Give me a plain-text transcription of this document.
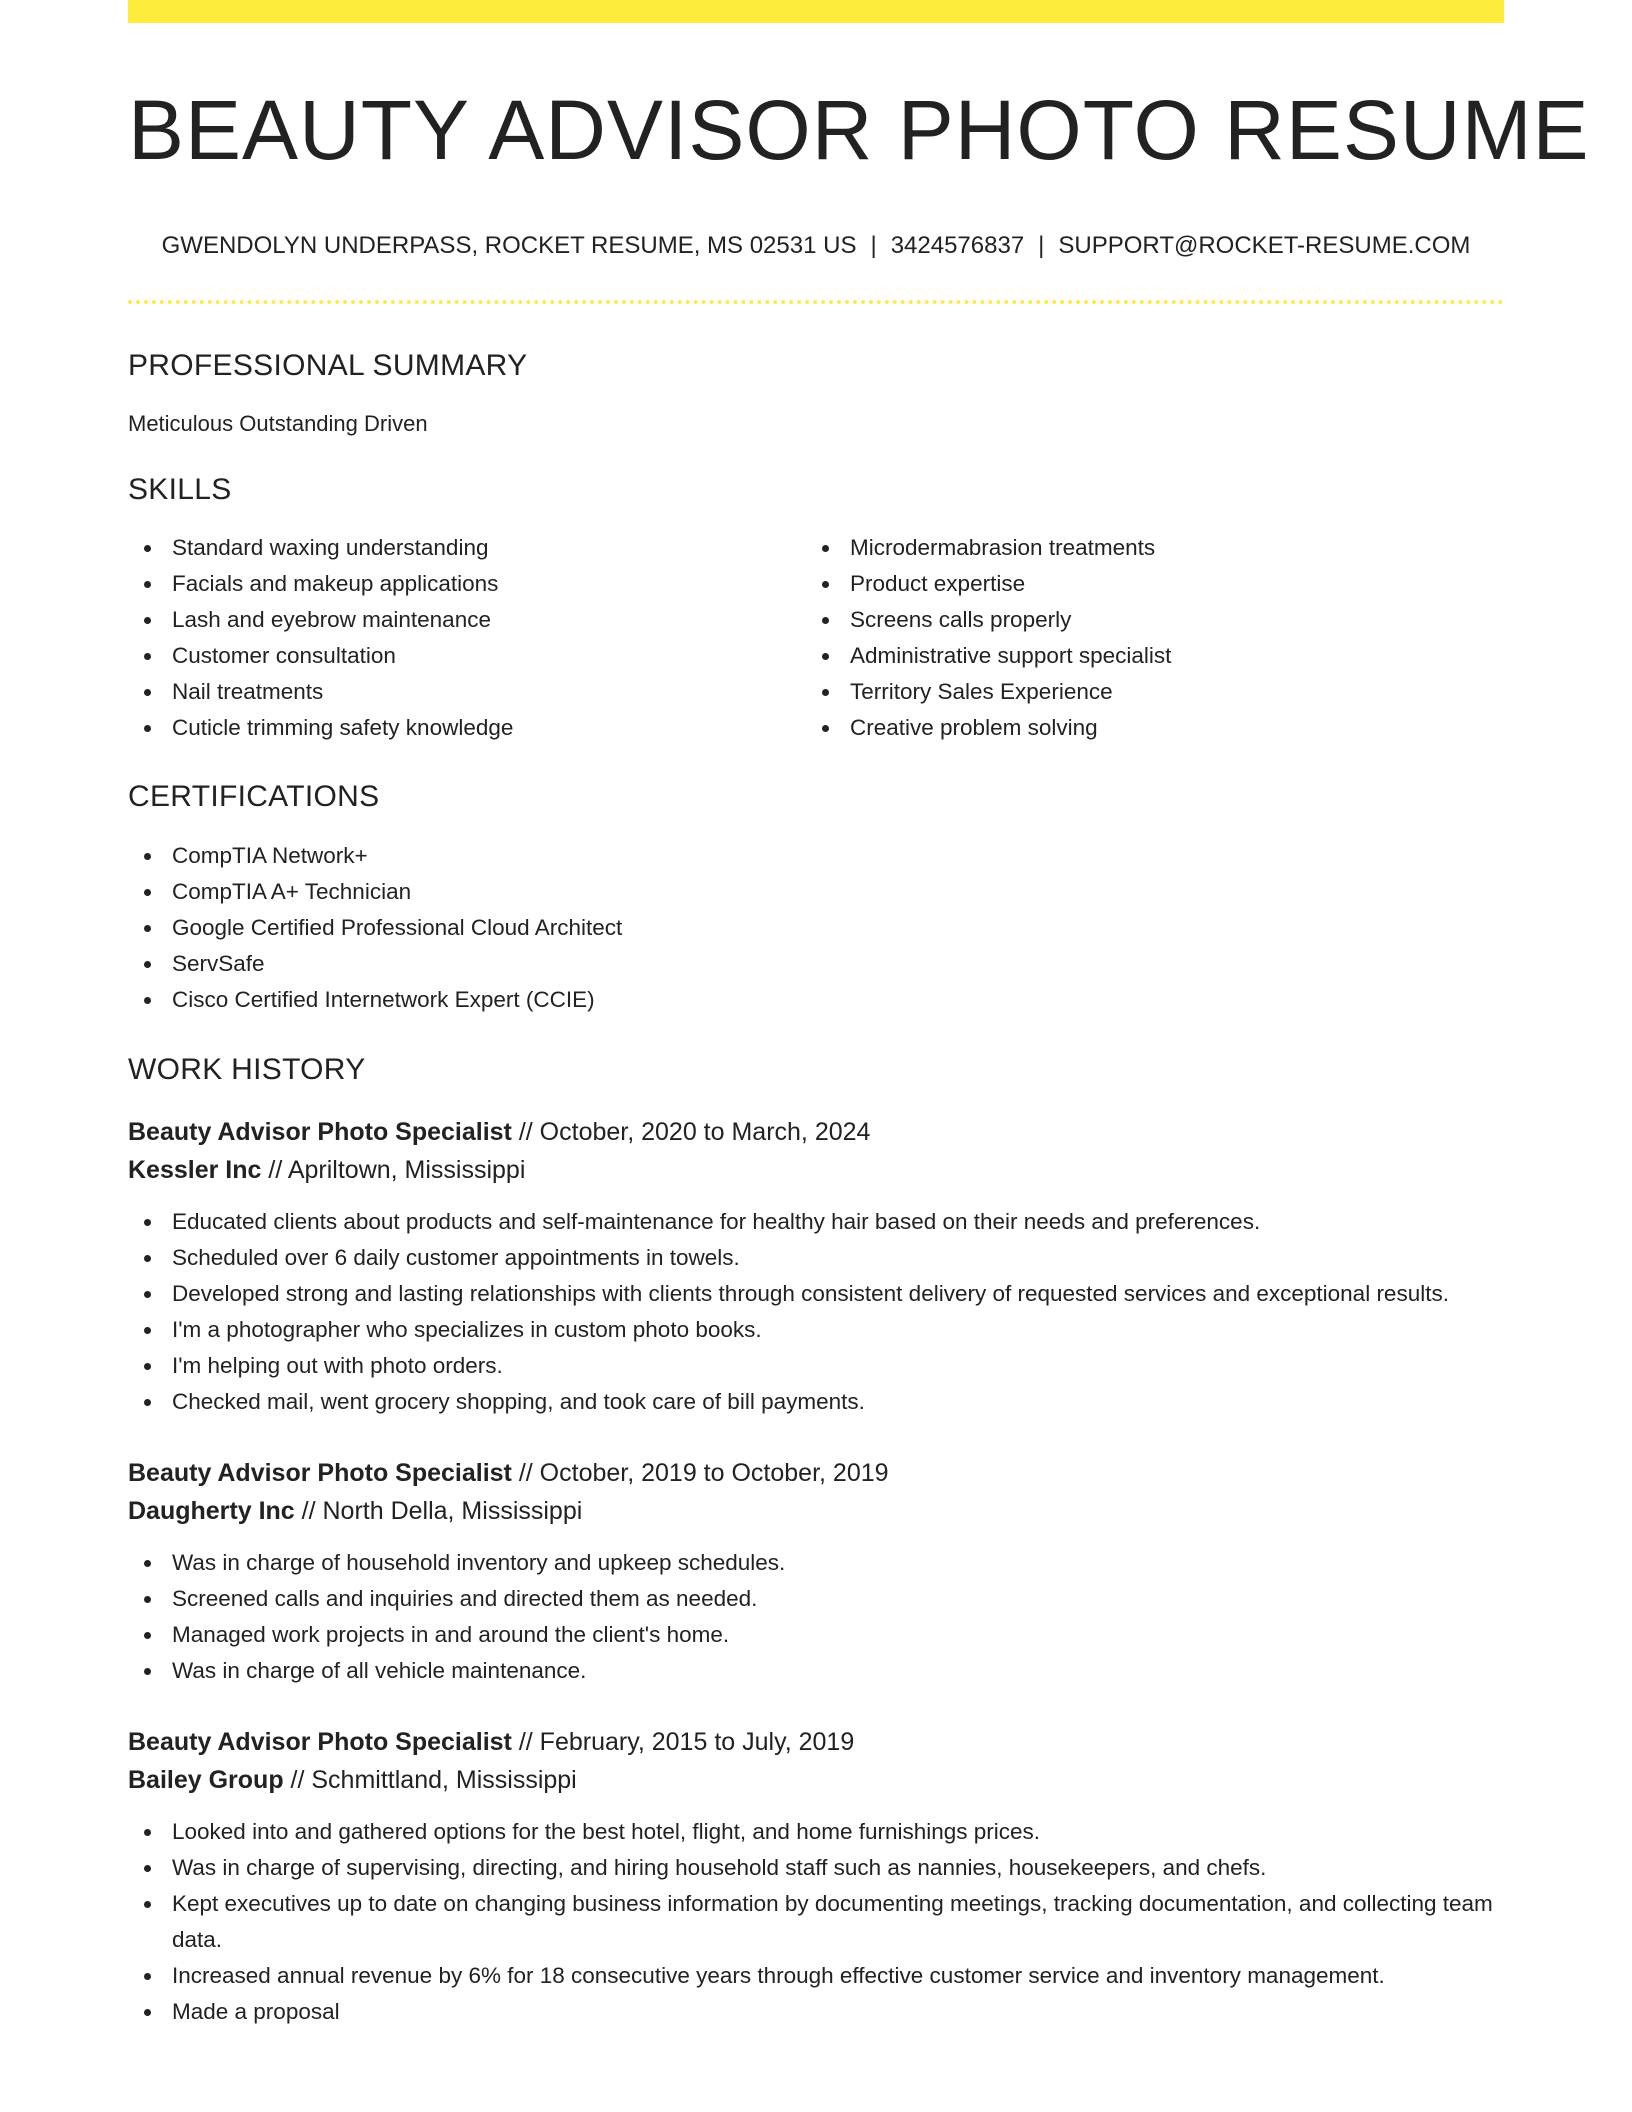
BEAUTY ADVISOR PHOTO RESUME
GWENDOLYN UNDERPASS, ROCKET RESUME, MS 02531 US | 3424576837 | SUPPORT@ROCKET-RESUME.COM
PROFESSIONAL SUMMARY

Meticulous Outstanding Driven

SKILLS
Standard waxing understanding
Facials and makeup applications
Lash and eyebrow maintenance
Customer consultation
Nail treatments
Cuticle trimming safety knowledge
Microdermabrasion treatments
Product expertise
Screens calls properly
Administrative support specialist
Territory Sales Experience
Creative problem solving
CERTIFICATIONS
CompTIA Network+
CompTIA A+ Technician
Google Certified Professional Cloud Architect
ServSafe
Cisco Certified Internetwork Expert (CCIE)
WORK HISTORY
Beauty Advisor Photo Specialist // October, 2020 to March, 2024
Kessler Inc // Apriltown, Mississippi
Educated clients about products and self-maintenance for healthy hair based on their needs and preferences.
Scheduled over 6 daily customer appointments in towels.
Developed strong and lasting relationships with clients through consistent delivery of requested services and exceptional results.
I'm a photographer who specializes in custom photo books.
I'm helping out with photo orders.
Checked mail, went grocery shopping, and took care of bill payments.
Beauty Advisor Photo Specialist // October, 2019 to October, 2019
Daugherty Inc // North Della, Mississippi
Was in charge of household inventory and upkeep schedules.
Screened calls and inquiries and directed them as needed.
Managed work projects in and around the client's home.
Was in charge of all vehicle maintenance.
Beauty Advisor Photo Specialist // February, 2015 to July, 2019
Bailey Group // Schmittland, Mississippi
Looked into and gathered options for the best hotel, flight, and home furnishings prices.
Was in charge of supervising, directing, and hiring household staff such as nannies, housekeepers, and chefs.
Kept executives up to date on changing business information by documenting meetings, tracking documentation, and collecting team data.
Increased annual revenue by 6% for 18 consecutive years through effective customer service and inventory management.
Made a proposal
